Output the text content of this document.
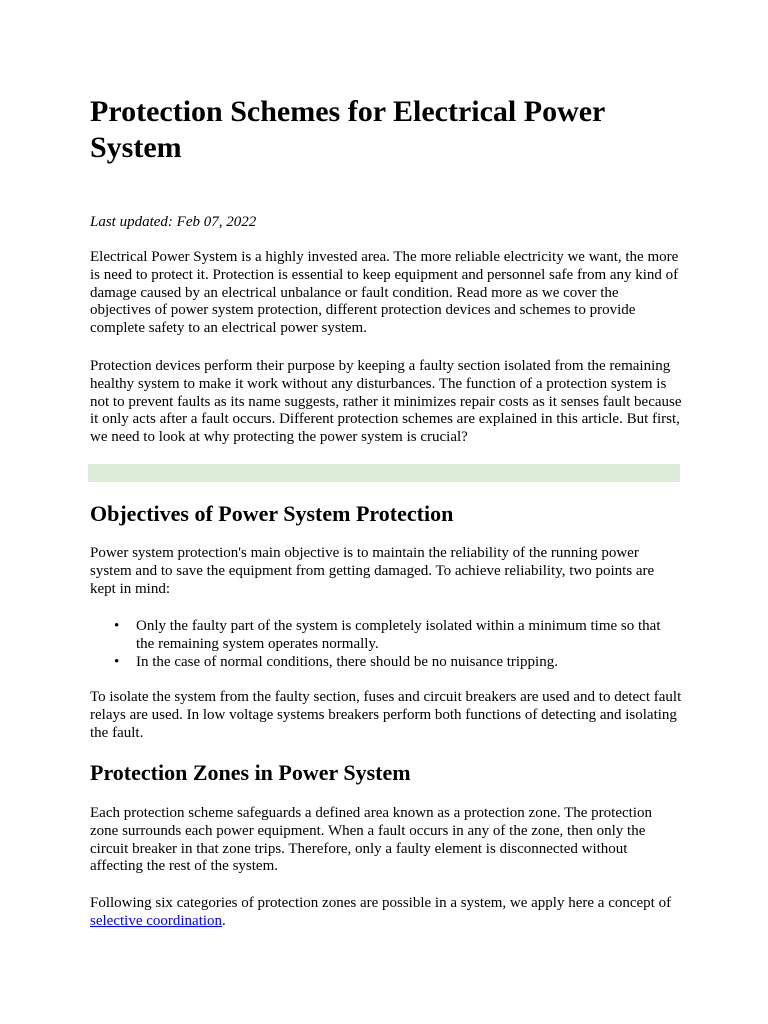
Protection Schemes for Electrical Power System
Last updated: Feb 07, 2022

Electrical Power System is a highly invested area. The more reliable electricity we want, the more is need to protect it. Protection is essential to keep equipment and personnel safe from any kind of damage caused by an electrical unbalance or fault condition. Read more as we cover the objectives of power system protection, different protection devices and schemes to provide complete safety to an electrical power system.

Protection devices perform their purpose by keeping a faulty section isolated from the remaining healthy system to make it work without any disturbances. The function of a protection system is not to prevent faults as its name suggests, rather it minimizes repair costs as it senses fault because it only acts after a fault occurs. Different protection schemes are explained in this article. But first, we need to look at why protecting the power system is crucial?

Objectives of Power System Protection

Power system protection's main objective is to maintain the reliability of the running power system and to save the equipment from getting damaged. To achieve reliability, two points are kept in mind:

• Only the faulty part of the system is completely isolated within a minimum time so that the remaining system operates normally.
• In the case of normal conditions, there should be no nuisance tripping.

To isolate the system from the faulty section, fuses and circuit breakers are used and to detect fault relays are used. In low voltage systems breakers perform both functions of detecting and isolating the fault.

Protection Zones in Power System

Each protection scheme safeguards a defined area known as a protection zone. The protection zone surrounds each power equipment. When a fault occurs in any of the zone, then only the circuit breaker in that zone trips. Therefore, only a faulty element is disconnected without affecting the rest of the system.

Following six categories of protection zones are possible in a system, we apply here a concept of selective coordination.
